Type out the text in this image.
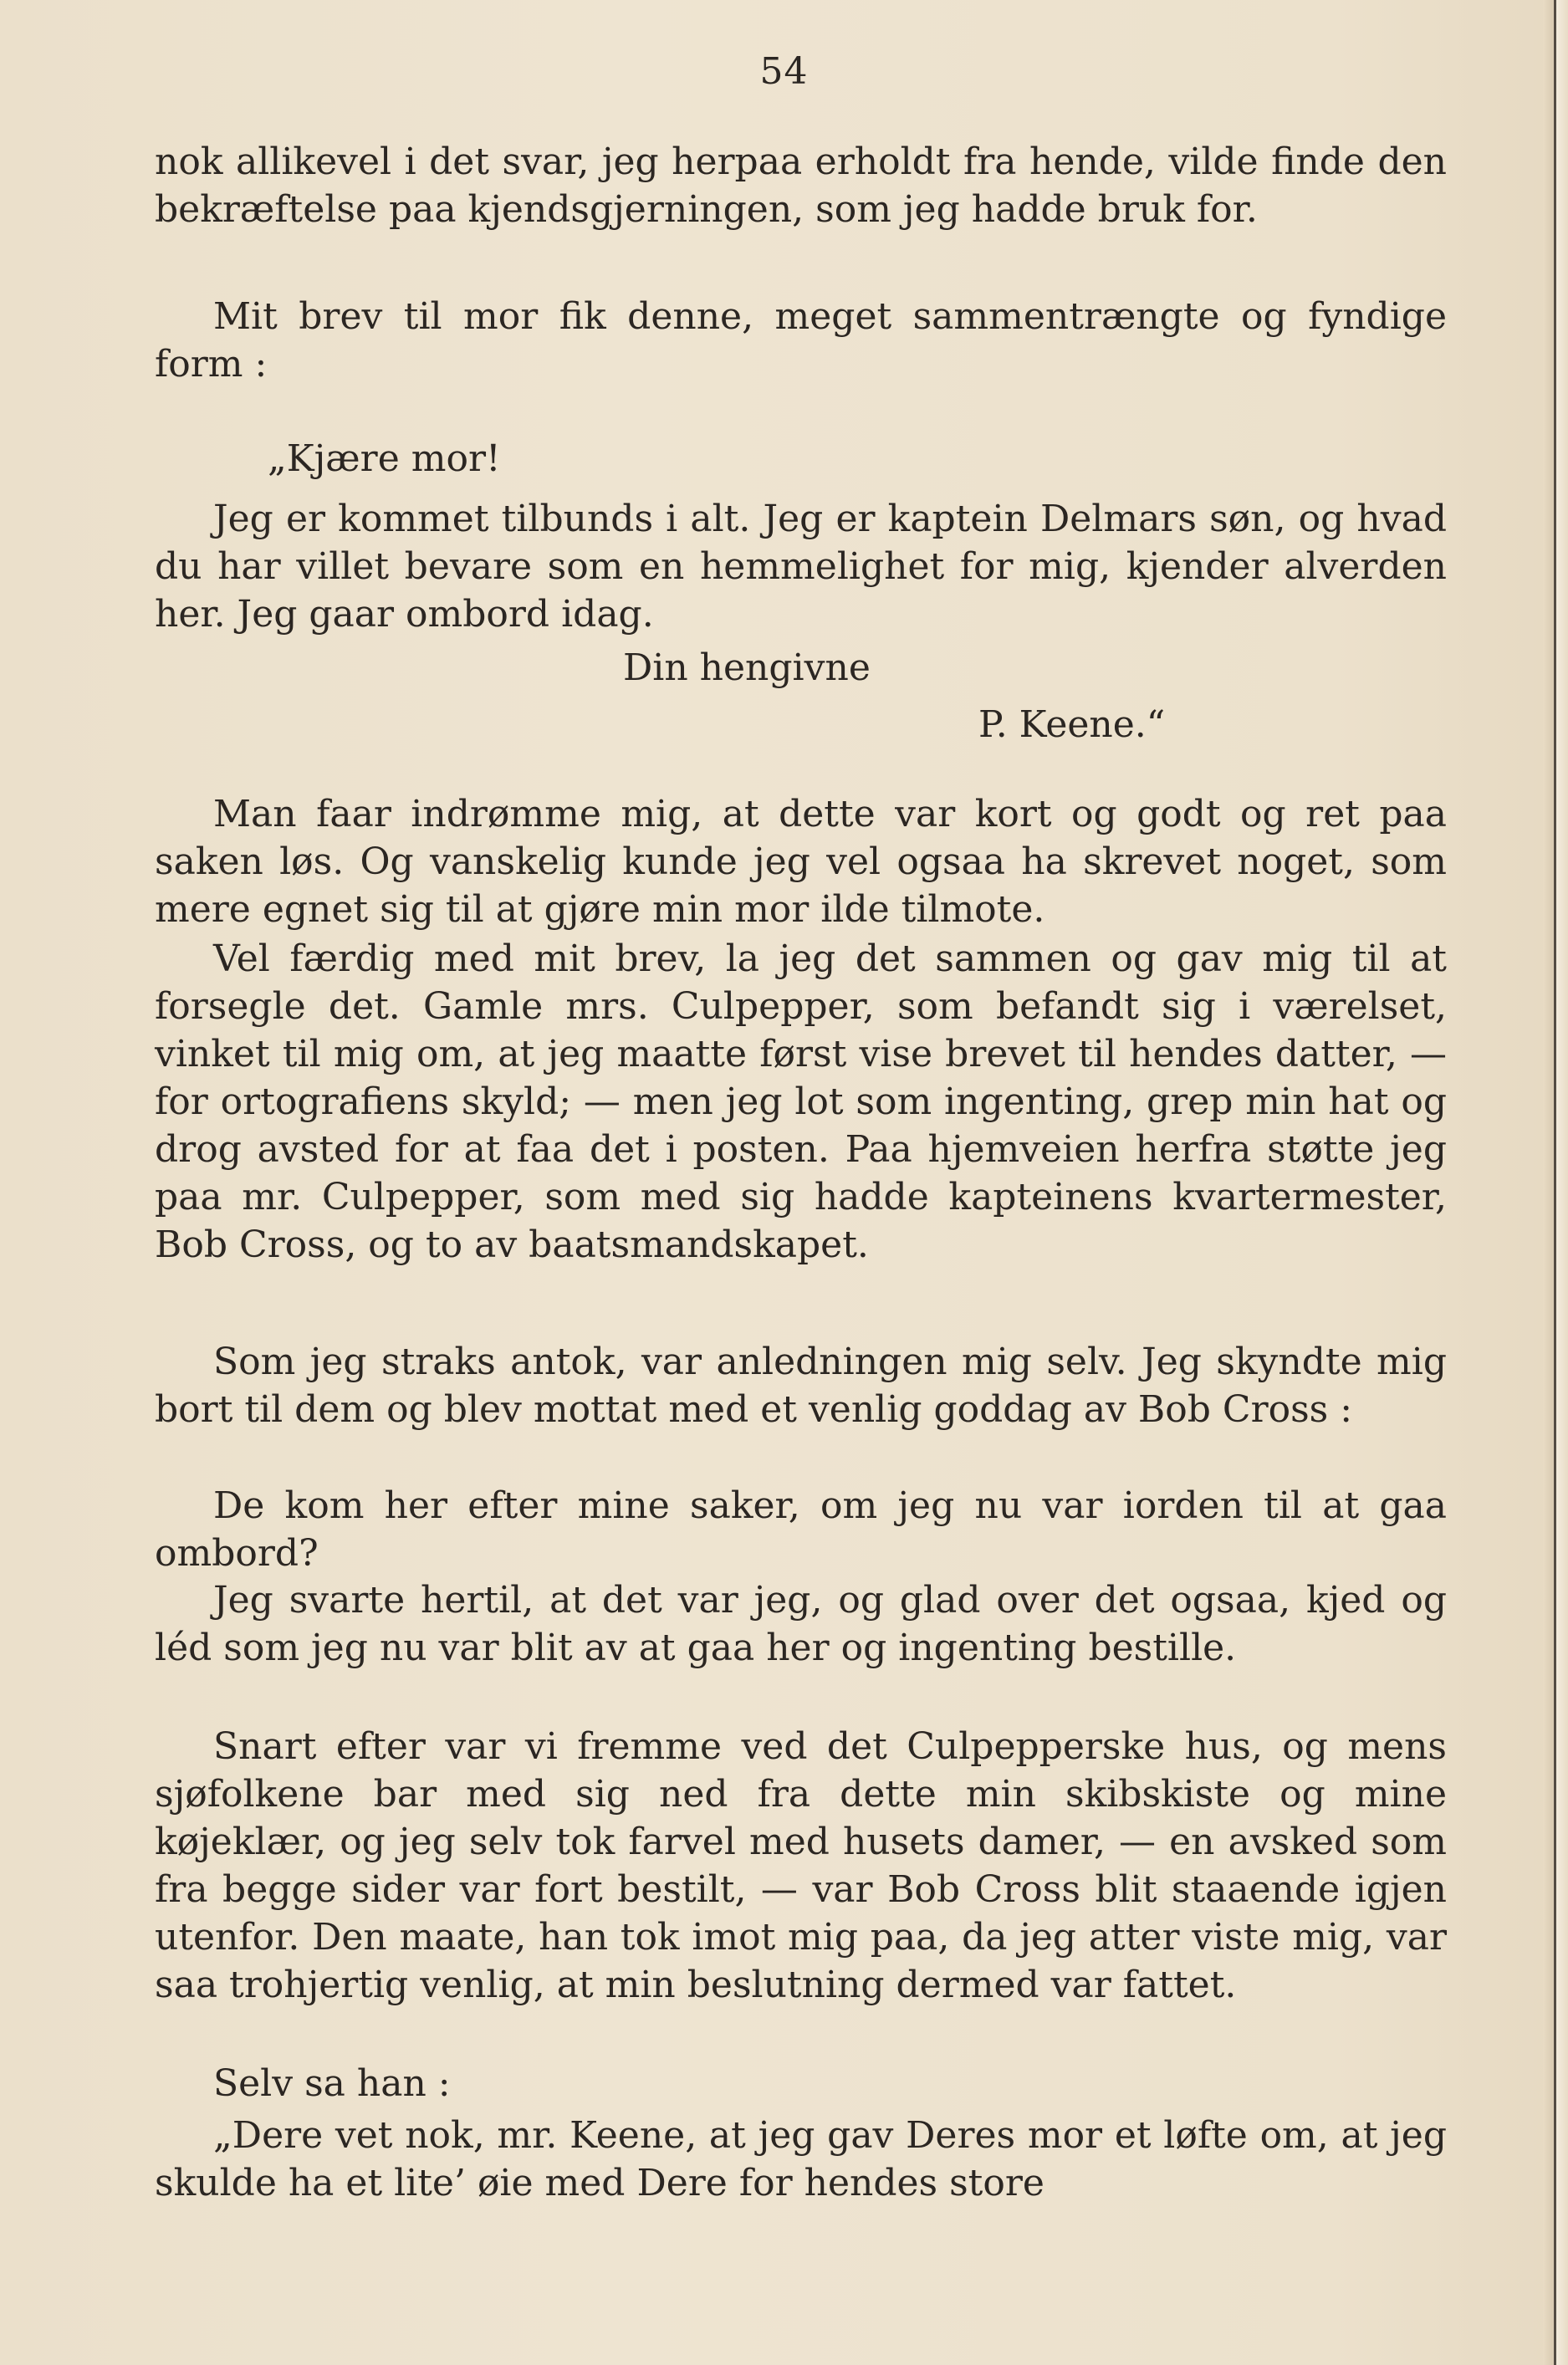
54

nok allikevel i det svar, jeg herpaa erholdt fra hende, vilde finde den bekræftelse paa kjendsgjerningen, som jeg hadde bruk for.

Mit brev til mor fik denne, meget sammentrængte og fyndige form :

„Kjære mor!

Jeg er kommet tilbunds i alt. Jeg er kaptein Delmars søn, og hvad du har villet bevare som en hemmelighet for mig, kjender alverden her. Jeg gaar ombord idag.

Din hengivne

P. Keene.“

Man faar indrømme mig, at dette var kort og godt og ret paa saken løs. Og vanskelig kunde jeg vel ogsaa ha skrevet noget, som mere egnet sig til at gjøre min mor ilde tilmote.

Vel færdig med mit brev, la jeg det sammen og gav mig til at forsegle det. Gamle mrs. Culpepper, som befandt sig i værelset, vinket til mig om, at jeg maatte først vise brevet til hendes datter, — for ortografiens skyld; — men jeg lot som ingenting, grep min hat og drog avsted for at faa det i posten. Paa hjemveien herfra støtte jeg paa mr. Culpepper, som med sig hadde kapteinens kvartermester, Bob Cross, og to av baatsmandskapet.

Som jeg straks antok, var anledningen mig selv. Jeg skyndte mig bort til dem og blev mottat med et venlig goddag av Bob Cross :

De kom her efter mine saker, om jeg nu var iorden til at gaa ombord?

Jeg svarte hertil, at det var jeg, og glad over det ogsaa, kjed og léd som jeg nu var blit av at gaa her og ingenting bestille.

Snart efter var vi fremme ved det Culpepperske hus, og mens sjøfolkene bar med sig ned fra dette min skibskiste og mine køjeklær, og jeg selv tok farvel med husets damer, — en avsked som fra begge sider var fort bestilt, — var Bob Cross blit staaende igjen utenfor. Den maate, han tok imot mig paa, da jeg atter viste mig, var saa trohjertig venlig, at min beslutning dermed var fattet.

Selv sa han :

„Dere vet nok, mr. Keene, at jeg gav Deres mor et løfte om, at jeg skulde ha et lite’ øie med Dere for hendes store
